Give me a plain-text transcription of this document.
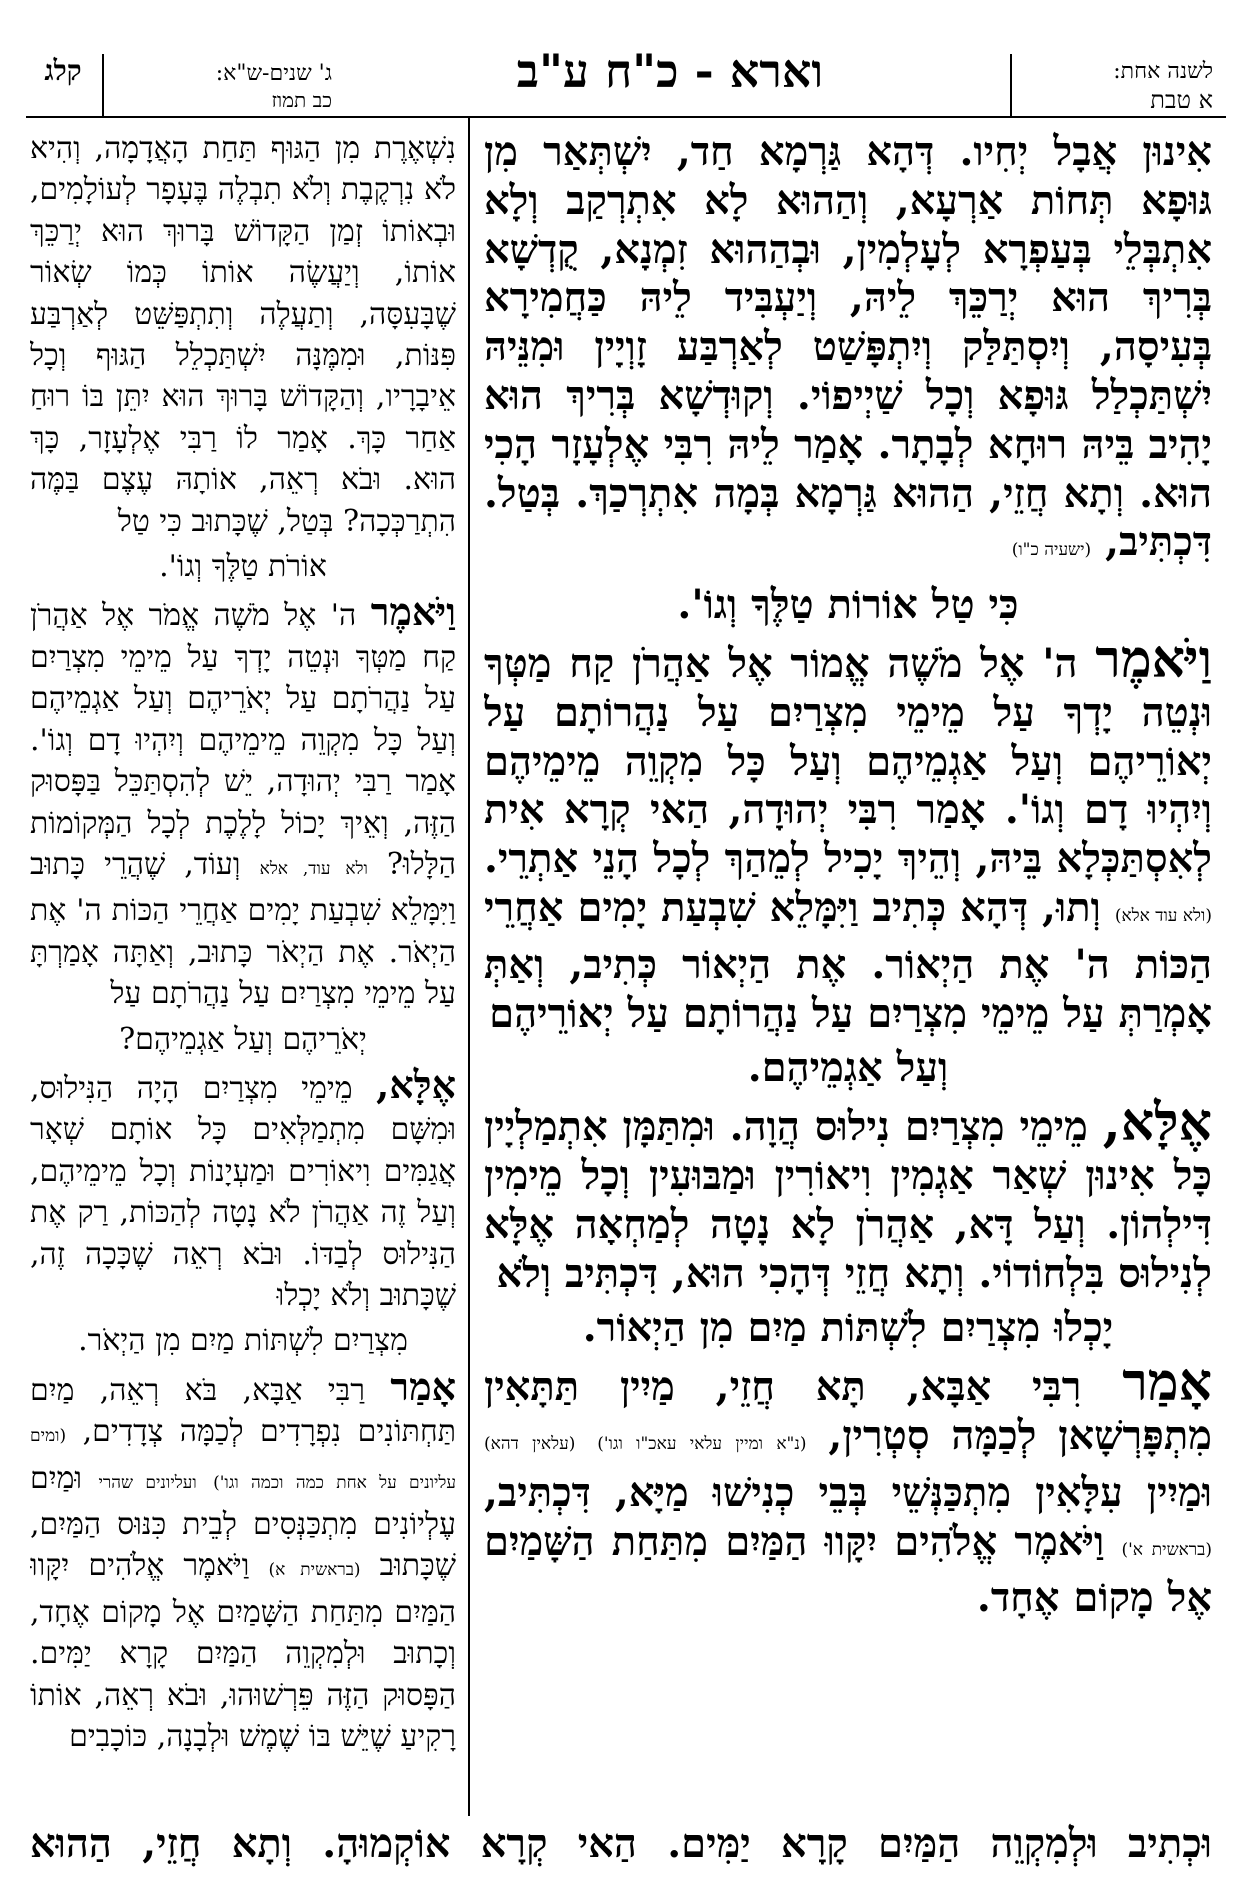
קלג	ג' שנים-ש"א:
כב תמוז
וארא - כ"ח ע"ב	לשנה אחת:
א טבת

אִינוּן אֲבָל יְחִיו. דְּהָא גַּרְמָא חַד, יִשְׁתְּאַר מִן גּוּפָא תְּחוֹת אַרְעָא, וְהַהוּא לָא אִתְרְקַב וְלָא אִתְבְּלֵי בְּעַפְרָא לְעָלְמִין, וּבְהַהוּא זִמְנָא, קֻדְשָׁא בְּרִיךְ הוּא יְרַכֵּךְ לֵיהּ, וְיַעְבִּיד לֵיהּ כַּחֲמִירָא בְּעִיסָה, וְיִסְתַּלַּק וְיִתְפָּשַׁט לְאַרְבַּע זָוְיָין וּמִנֵּיהּ יִשְׁתַּכְלַל גּוּפָא וְכָל שַׁיְיפוֹי. וְקוּדְשָׁא בְּרִיךְ הוּא יָהִיב בֵּיהּ רוּחָא לְבָתָר. אָמַר לֵיהּ רִבִּי אֶלְעָזָר הָכִי הוּא. וְתָא חֲזֵי, הַהוּא גַּרְמָא בְּמָה אִתְרְכַךְ. בְּטַל. דִּכְתִּיב, (ישעיה כ"ו)

כִּי טַל אוֹרוֹת טַלֶּךָ וְגוֹ'.

וַיֹּאמֶר ה' אֶל מֹשֶׁה אֱמוֹר אֶל אַהֲרֹן קַח מַטְּךָ וּנְטֵה יָדְךָ עַל מֵימֵי מִצְרַיִם עַל נַהֲרוֹתָם עַל יְאוֹרֵיהֶם וְעַל אַגְמֵיהֶם וְעַל כָּל מִקְוֵה מֵימֵיהֶם וְיִהְיוּ דָם וְגוֹ'. אָמַר רִבִּי יְהוּדָה, הַאי קְרָא אִית לְאִסְתַּכְּלָא בֵּיהּ, וְהֵיךְ יָכִיל לְמֵהַךְ לְכָל הָנֵי אַתְרֵי. (ולא עוד אלא) וְתוּ, דְּהָא כְּתִיב וַיִּמָּלֵא שִׁבְעַת יָמִים אַחֲרֵי הַכּוֹת ה' אֶת הַיְאוֹר. אֶת הַיְאוֹר כְּתִיב, וְאַתְּ אָמְרַתְּ עַל מֵימֵי מִצְרַיִם עַל נַהֲרוֹתָם עַל יְאוֹרֵיהֶם

וְעַל אַגְמֵיהֶם.

אֶלָּא, מֵימֵי מִצְרַיִם נִילוּס הֲוָה. וּמִתַּמָּן אִתְמַלְיָין כָּל אִינוּן שְׁאַר אַגְמִין וִיאוֹרִין וּמַבּוּעִין וְכָל מֵימִין דִּילְהוֹן. וְעַל דָּא, אַהֲרֹן לָא נָטָה לְמַחְאָה אֶלָּא לְנִילוּס בִּלְחוֹדוֹי. וְתָא חֲזֵי דְּהָכִי הוּא, דִּכְתִּיב וְלֹא

יָכְלוּ מִצְרַיִם לִשְׁתּוֹת מַיִם מִן הַיְאוֹר.

אָמַר רִבִּי אַבָּא, תָּא חֲזֵי, מַיִין תַּתָּאִין מִתְפָּרְשָׁאן לְכַמָּה סְטְרִין, (נ"א ומיין עלאי עאכ"ו וגו') (עלאין דהא) וּמַיִין עִלָּאִין מִתְכַּנְּשֵׁי בְּבֵי כְנִישׁוּ מַיָּא, דִּכְתִּיב, (בראשית א') וַיֹּאמֶר אֱלֹהִים יִקָּווּ הַמַּיִם מִתַּחַת הַשָּׁמַיִם אֶל מָקוֹם אֶחָד.

נִשְׁאֶרֶת מִן הַגּוּף תַּחַת הָאֲדָמָה, וְהִיא לֹא נִרְקֶבֶת וְלֹא תִבְלֶה בֶּעָפָר לְעוֹלָמִים, וּבְאוֹתוֹ זְמַן הַקָּדוֹשׁ בָּרוּךְ הוּא יְרַכֵּךְ אוֹתוֹ, וְיַעֲשֶׂה אוֹתוֹ כְּמוֹ שְׂאוֹר שֶׁבָּעִסָּה, וְתַעֲלֶה וְתִתְפַּשֵּׁט לְאַרְבַּע פִּנּוֹת, וּמִמֶּנָּה יִשְׁתַּכְלֵל הַגּוּף וְכָל אֵיבָרָיו, וְהַקָּדוֹשׁ בָּרוּךְ הוּא יִתֵּן בּוֹ רוּחַ אַחַר כָּךְ. אָמַר לוֹ רַבִּי אֶלְעָזָר, כָּךְ הוּא. וּבֹא רְאֵה, אוֹתָהּ עֶצֶם בַּמֶּה הִתְרַכְּכָה? בְּטַל, שֶׁכָּתוּב כִּי טַל

אוֹרֹת טַלֶּךָ וְגוֹ'.

וַיֹּאמֶר ה' אֶל מֹשֶׁה אֱמֹר אֶל אַהֲרֹן קַח מַטְּךָ וּנְטֵה יָדְךָ עַל מֵימֵי מִצְרַיִם עַל נַהֲרֹתָם עַל יְאֹרֵיהֶם וְעַל אַגְמֵיהֶם וְעַל כָּל מִקְוֵה מֵימֵיהֶם וְיִהְיוּ דָם וְגוֹ'. אָמַר רַבִּי יְהוּדָה, יֵשׁ לְהִסְתַּכֵּל בַּפָּסוּק הַזֶּה, וְאֵיךְ יָכוֹל לָלֶכֶת לְכָל הַמְּקוֹמוֹת הַלָּלוּ? ולא עוד, אלא וְעוֹד, שֶׁהֲרֵי כָּתוּב וַיִּמָּלֵא שִׁבְעַת יָמִים אַחֲרֵי הַכּוֹת ה' אֶת הַיְאֹר. אֶת הַיְאֹר כָּתוּב, וְאַתָּה אָמַרְתָּ עַל מֵימֵי מִצְרַיִם עַל נַהֲרֹתָם עַל

יְאֹרֵיהֶם וְעַל אַגְמֵיהֶם?

אֶלָּא, מֵימֵי מִצְרַיִם הָיָה הַנִּילוּס, וּמִשָּׁם מִתְמַלְּאִים כָּל אוֹתָם שְׁאָר אֲגַמִּים וִיאוֹרִים וּמַעְיָנוֹת וְכָל מֵימֵיהֶם, וְעַל זֶה אַהֲרֹן לֹא נָטָה לְהַכּוֹת, רַק אֶת הַנִּילוּס לְבַדּוֹ. וּבֹא רְאֵה שֶׁכָּכָה זֶה, שֶׁכָּתוּב וְלֹא יָכְלוּ

מִצְרַיִם לִשְׁתּוֹת מַיִם מִן הַיְאֹר.

אָמַר רַבִּי אַבָּא, בֹּא רְאֵה, מַיִם תַּחְתּוֹנִים נִפְרָדִים לְכַמָּה צְדָדִים, (ומים עליונים על אחת כמה וכמה וגו') ועליונים שהרי וּמַיִם עֶלְיוֹנִים מִתְכַּנְּסִים לְבֵית כִּנּוּס הַמַּיִם, שֶׁכָּתוּב (בראשית א) וַיֹּאמֶר אֱלֹהִים יִקָּווּ הַמַּיִם מִתַּחַת הַשָּׁמַיִם אֶל מָקוֹם אֶחָד, וְכָתוּב וּלְמִקְוֵה הַמַּיִם קָרָא יַמִּים. הַפָּסוּק הַזֶּה פֵּרְשׁוּהוּ, וּבֹא רְאֵה, אוֹתוֹ רָקִיעַ שֶׁיֵּשׁ בּוֹ שֶׁמֶשׁ וּלְבָנָה, כּוֹכָבִים

וּכְתִיב וּלְמִקְוֵה הַמַּיִם קָרָא יַמִּים. הַאי קְרָא אוֹקְמוּהָ. וְתָא חֲזֵי, הַהוּא
